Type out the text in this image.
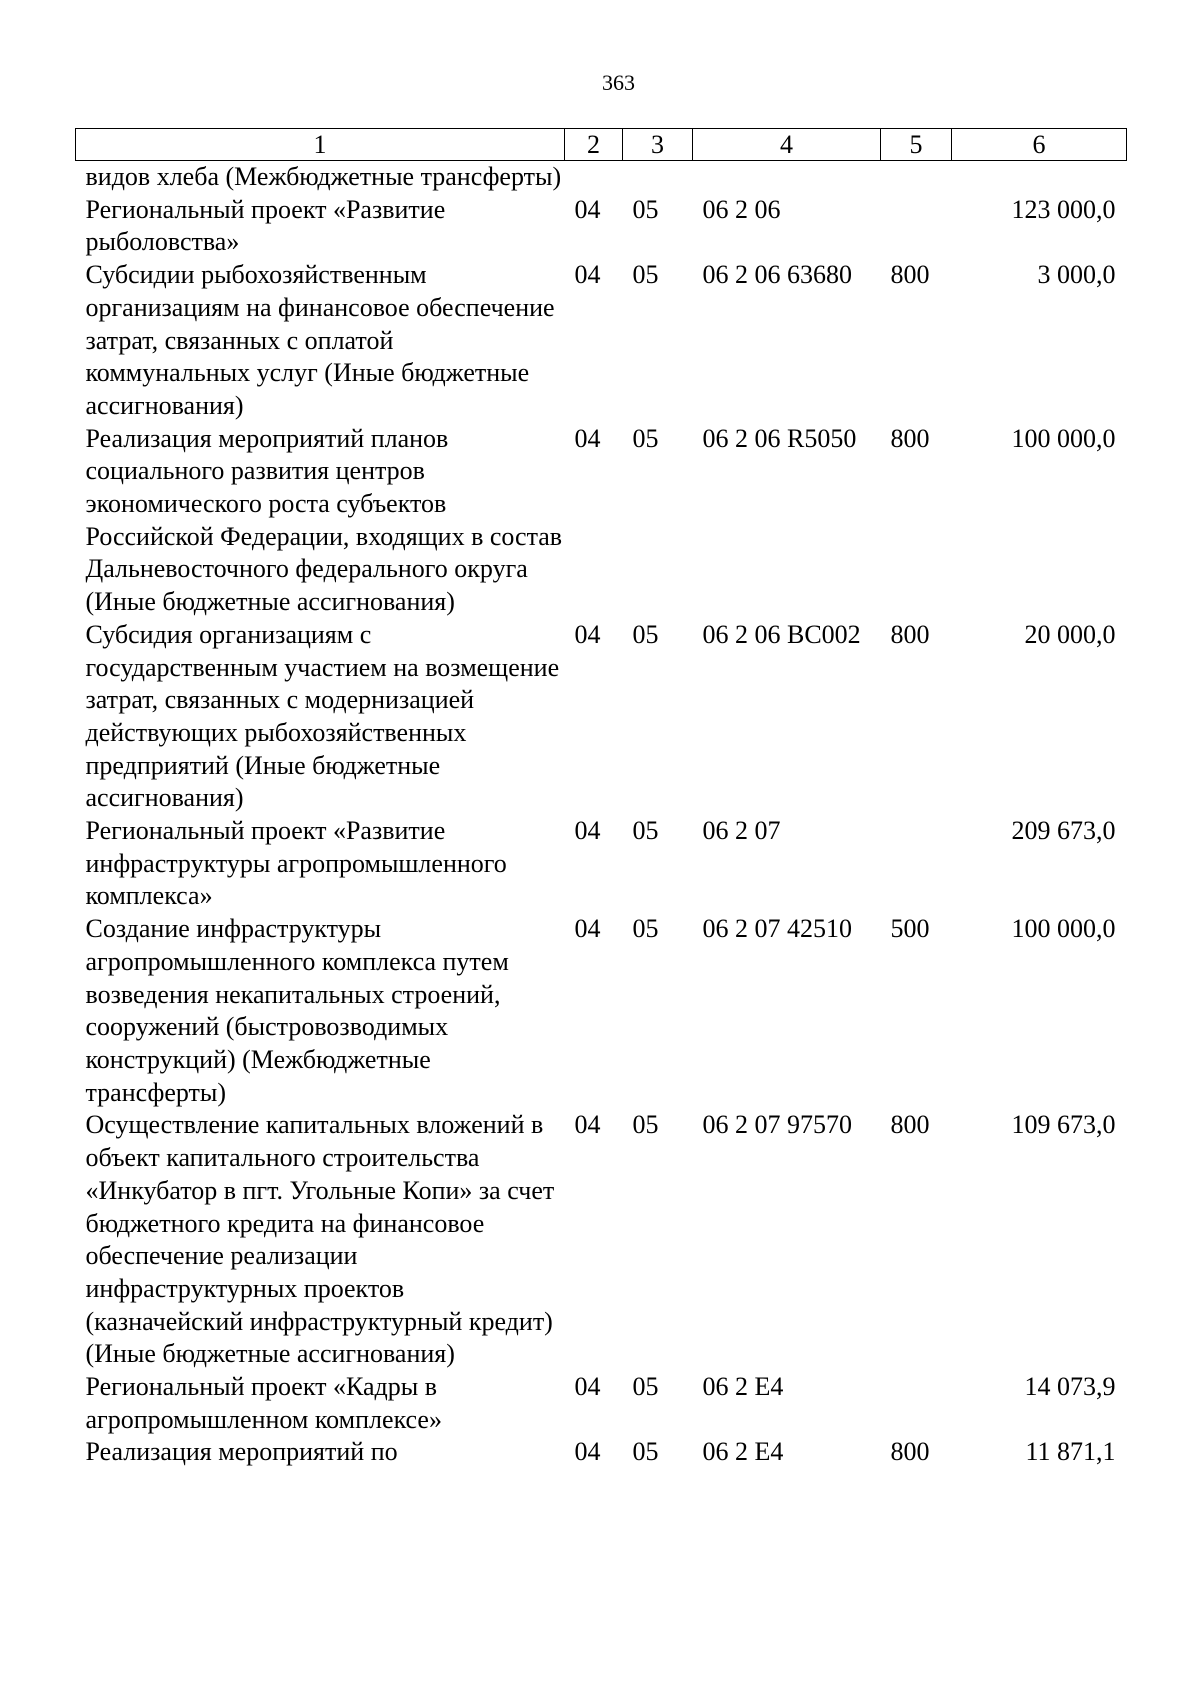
363
1	2	3	4	5	6
видов хлеба (Межбюджетные трансферты)					
Региональный проект «Развитие рыболовства»	04	05	06 2 06		123 000,0
Субсидии рыбохозяйственным организациям на финансовое обеспечение затрат, связанных с оплатой коммунальных услуг (Иные бюджетные ассигнования)	04	05	06 2 06 63680	800	3 000,0
Реализация мероприятий планов социального развития центров экономического роста субъектов Российской Федерации, входящих в состав Дальневосточного федерального округа (Иные бюджетные ассигнования)	04	05	06 2 06 R5050	800	100 000,0
Субсидия организациям с государственным участием на возмещение затрат, связанных с модернизацией действующих рыбохозяйственных предприятий (Иные бюджетные ассигнования)	04	05	06 2 06 ВС002	800	20 000,0
Региональный проект «Развитие инфраструктуры агропромышленного комплекса»	04	05	06 2 07		209 673,0
Создание инфраструктуры агропромышленного комплекса путем возведения некапитальных строений, сооружений (быстровозводимых конструкций) (Межбюджетные трансферты)	04	05	06 2 07 42510	500	100 000,0
Осуществление капитальных вложений в объект капитального строительства «Инкубатор в пгт. Угольные Копи» за счет бюджетного кредита на финансовое обеспечение реализации инфраструктурных проектов (казначейский инфраструктурный кредит) (Иные бюджетные ассигнования)	04	05	06 2 07 97570	800	109 673,0
Региональный проект «Кадры в агропромышленном комплексе»	04	05	06 2 Е4		14 073,9
Реализация мероприятий по	04	05	06 2 Е4	800	11 871,1
